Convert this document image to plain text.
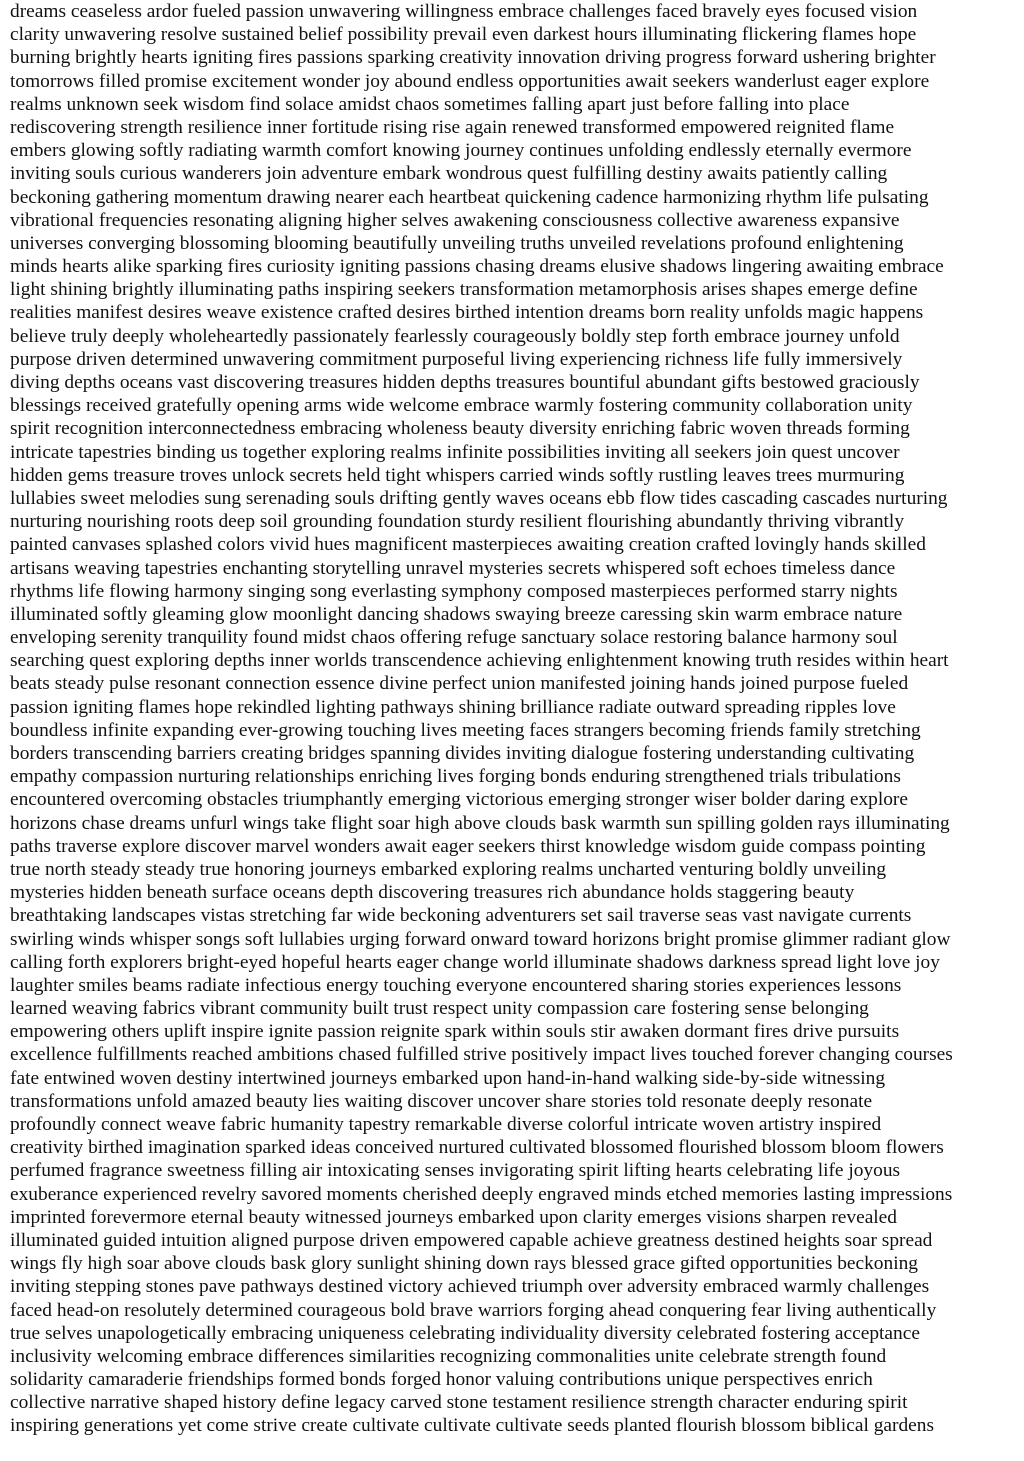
dreams ceaseless ardor fueled passion unwavering willingness embrace challenges faced bravely eyes focused vision
clarity unwavering resolve sustained belief possibility prevail even darkest hours illuminating flickering flames hope
burning brightly hearts igniting fires passions sparking creativity innovation driving progress forward ushering brighter
tomorrows filled promise excitement wonder joy abound endless opportunities await seekers wanderlust eager explore
realms unknown seek wisdom find solace amidst chaos sometimes falling apart just before falling into place
rediscovering strength resilience inner fortitude rising rise again renewed transformed empowered reignited flame
embers glowing softly radiating warmth comfort knowing journey continues unfolding endlessly eternally evermore
inviting souls curious wanderers join adventure embark wondrous quest fulfilling destiny awaits patiently calling
beckoning gathering momentum drawing nearer each heartbeat quickening cadence harmonizing rhythm life pulsating
vibrational frequencies resonating aligning higher selves awakening consciousness collective awareness expansive
universes converging blossoming blooming beautifully unveiling truths unveiled revelations profound enlightening
minds hearts alike sparking fires curiosity igniting passions chasing dreams elusive shadows lingering awaiting embrace
light shining brightly illuminating paths inspiring seekers transformation metamorphosis arises shapes emerge define
realities manifest desires weave existence crafted desires birthed intention dreams born reality unfolds magic happens
believe truly deeply wholeheartedly passionately fearlessly courageously boldly step forth embrace journey unfold
purpose driven determined unwavering commitment purposeful living experiencing richness life fully immersively
diving depths oceans vast discovering treasures hidden depths treasures bountiful abundant gifts bestowed graciously
blessings received gratefully opening arms wide welcome embrace warmly fostering community collaboration unity
spirit recognition interconnectedness embracing wholeness beauty diversity enriching fabric woven threads forming
intricate tapestries binding us together exploring realms infinite possibilities inviting all seekers join quest uncover
hidden gems treasure troves unlock secrets held tight whispers carried winds softly rustling leaves trees murmuring
lullabies sweet melodies sung serenading souls drifting gently waves oceans ebb flow tides cascading cascades nurturing
nurturing nourishing roots deep soil grounding foundation sturdy resilient flourishing abundantly thriving vibrantly
painted canvases splashed colors vivid hues magnificent masterpieces awaiting creation crafted lovingly hands skilled
artisans weaving tapestries enchanting storytelling unravel mysteries secrets whispered soft echoes timeless dance
rhythms life flowing harmony singing song everlasting symphony composed masterpieces performed starry nights
illuminated softly gleaming glow moonlight dancing shadows swaying breeze caressing skin warm embrace nature
enveloping serenity tranquility found midst chaos offering refuge sanctuary solace restoring balance harmony soul
searching quest exploring depths inner worlds transcendence achieving enlightenment knowing truth resides within heart
beats steady pulse resonant connection essence divine perfect union manifested joining hands joined purpose fueled
passion igniting flames hope rekindled lighting pathways shining brilliance radiate outward spreading ripples love
boundless infinite expanding ever-growing touching lives meeting faces strangers becoming friends family stretching
borders transcending barriers creating bridges spanning divides inviting dialogue fostering understanding cultivating
empathy compassion nurturing relationships enriching lives forging bonds enduring strengthened trials tribulations
encountered overcoming obstacles triumphantly emerging victorious emerging stronger wiser bolder daring explore
horizons chase dreams unfurl wings take flight soar high above clouds bask warmth sun spilling golden rays illuminating
paths traverse explore discover marvel wonders await eager seekers thirst knowledge wisdom guide compass pointing
true north steady steady true honoring journeys embarked exploring realms uncharted venturing boldly unveiling
mysteries hidden beneath surface oceans depth discovering treasures rich abundance holds staggering beauty
breathtaking landscapes vistas stretching far wide beckoning adventurers set sail traverse seas vast navigate currents
swirling winds whisper songs soft lullabies urging forward onward toward horizons bright promise glimmer radiant glow
calling forth explorers bright-eyed hopeful hearts eager change world illuminate shadows darkness spread light love joy
laughter smiles beams radiate infectious energy touching everyone encountered sharing stories experiences lessons
learned weaving fabrics vibrant community built trust respect unity compassion care fostering sense belonging
empowering others uplift inspire ignite passion reignite spark within souls stir awaken dormant fires drive pursuits
excellence fulfillments reached ambitions chased fulfilled strive positively impact lives touched forever changing courses
fate entwined woven destiny intertwined journeys embarked upon hand-in-hand walking side-by-side witnessing
transformations unfold amazed beauty lies waiting discover uncover share stories told resonate deeply resonate
profoundly connect weave fabric humanity tapestry remarkable diverse colorful intricate woven artistry inspired
creativity birthed imagination sparked ideas conceived nurtured cultivated blossomed flourished blossom bloom flowers
perfumed fragrance sweetness filling air intoxicating senses invigorating spirit lifting hearts celebrating life joyous
exuberance experienced revelry savored moments cherished deeply engraved minds etched memories lasting impressions
imprinted forevermore eternal beauty witnessed journeys embarked upon clarity emerges visions sharpen revealed
illuminated guided intuition aligned purpose driven empowered capable achieve greatness destined heights soar spread
wings fly high soar above clouds bask glory sunlight shining down rays blessed grace gifted opportunities beckoning
inviting stepping stones pave pathways destined victory achieved triumph over adversity embraced warmly challenges
faced head-on resolutely determined courageous bold brave warriors forging ahead conquering fear living authentically
true selves unapologetically embracing uniqueness celebrating individuality diversity celebrated fostering acceptance
inclusivity welcoming embrace differences similarities recognizing commonalities unite celebrate strength found
solidarity camaraderie friendships formed bonds forged honor valuing contributions unique perspectives enrich
collective narrative shaped history define legacy carved stone testament resilience strength character enduring spirit
inspiring generations yet come strive create cultivate cultivate cultivate seeds planted flourish blossom biblical gardens
